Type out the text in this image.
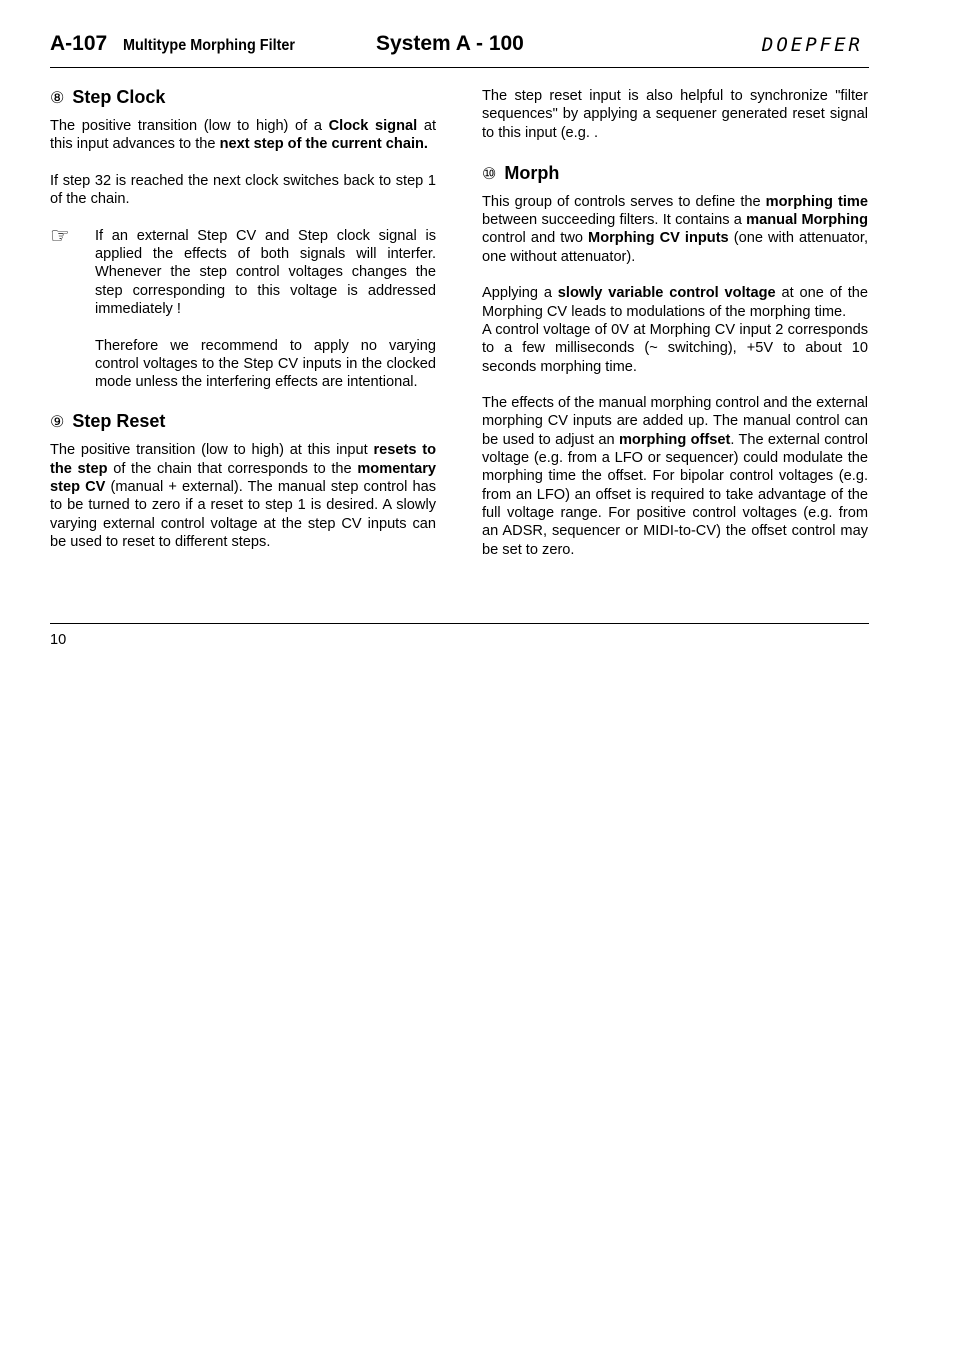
A-107 Multitype Morphing Filter	System A - 100	DOEPFER
⑧ Step Clock

The positive transition (low to high) of a Clock signal at this input advances to the next step of the current chain.

If step 32 is reached the next clock switches back to step 1 of the chain.

☞ If an external Step CV and Step clock signal is applied the effects of both signals will interfer. Whenever the step control voltages changes the step corresponding to this voltage is addressed immediately !

Therefore we recommend to apply no varying control voltages to the Step CV inputs in the clocked mode unless the interfering effects are intentional.

⑨ Step Reset

The positive transition (low to high) at this input resets to the step of the chain that corresponds to the momentary step CV (manual + external). The manual step control has to be turned to zero if a reset to step 1 is desired. A slowly varying external control voltage at the step CV inputs can be used to reset to different steps.

The step reset input is also helpful to synchronize "filter sequences" by applying a sequener generated reset signal to this input (e.g. .

⑩ Morph

This group of controls serves to define the morphing time between succeeding filters. It contains a manual Morphing control and two Morphing CV inputs (one with attenuator, one without attenuator).

Applying a slowly variable control voltage at one of the Morphing CV leads to modulations of the morphing time.

A control voltage of 0V at Morphing CV input 2 corresponds to a few milliseconds (~ switching), +5V to about 10 seconds morphing time.

The effects of the manual morphing control and the external morphing CV inputs are added up. The manual control can be used to adjust an morphing offset. The external control voltage (e.g. from a LFO or sequencer) could modulate the morphing time the offset. For bipolar control voltages (e.g. from an LFO) an offset is required to take advantage of the full voltage range. For positive control voltages (e.g. from an ADSR, sequencer or MIDI-to-CV) the offset control may be set to zero.

10
